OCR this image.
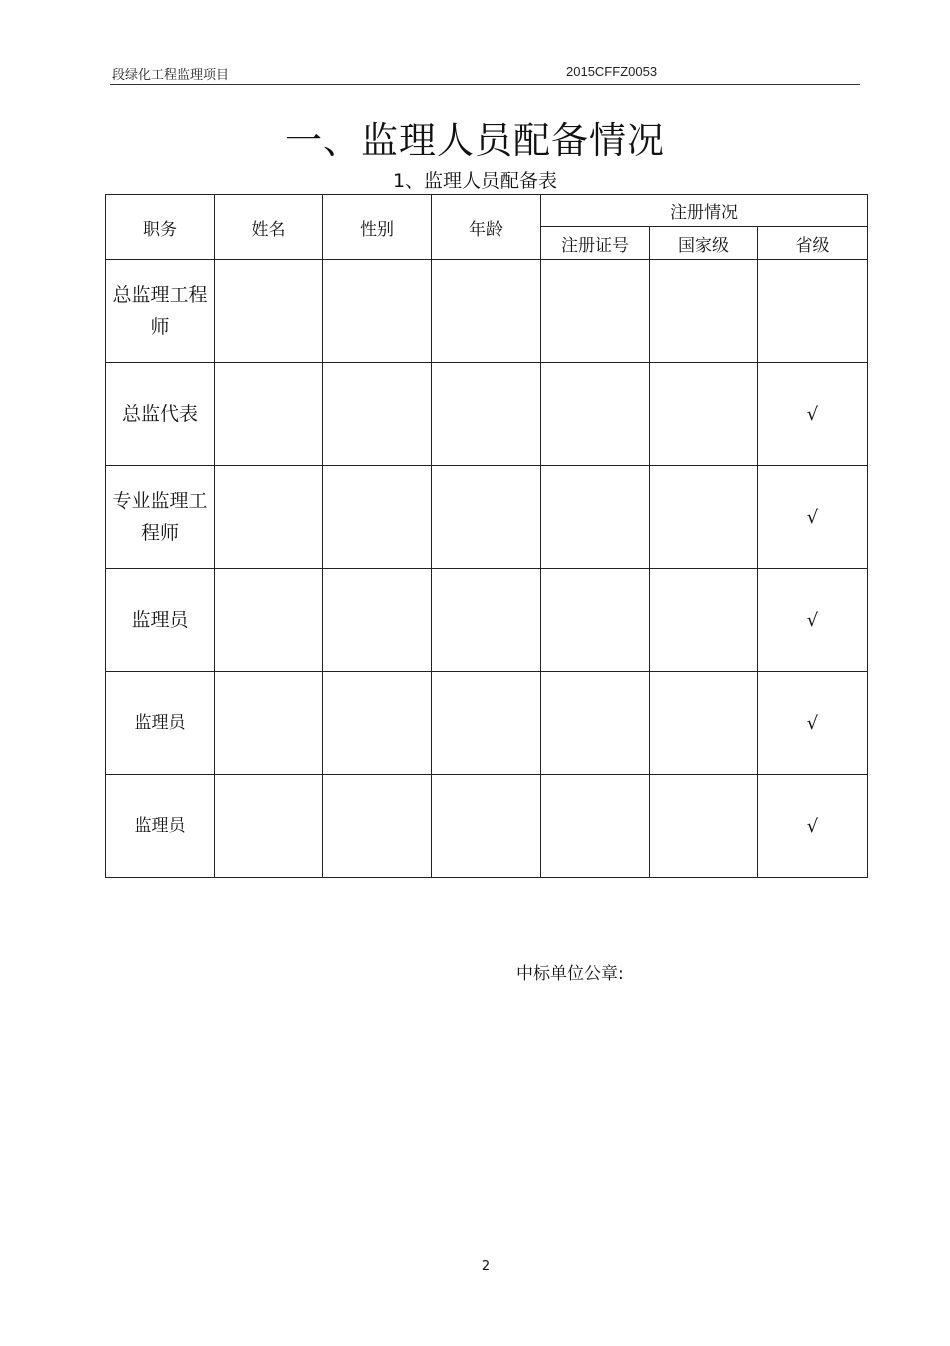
段绿化工程监理项目	2015CFFZ0053
一、监理人员配备情况
1、监理人员配备表
职务	姓名	性别	年龄	注册情况		
				注册证号	国家级	省级
总监理工程师						
总监代表						√
专业监理工程师						√
监理员						√
监理员						√
监理员						√
中标单位公章:
2
